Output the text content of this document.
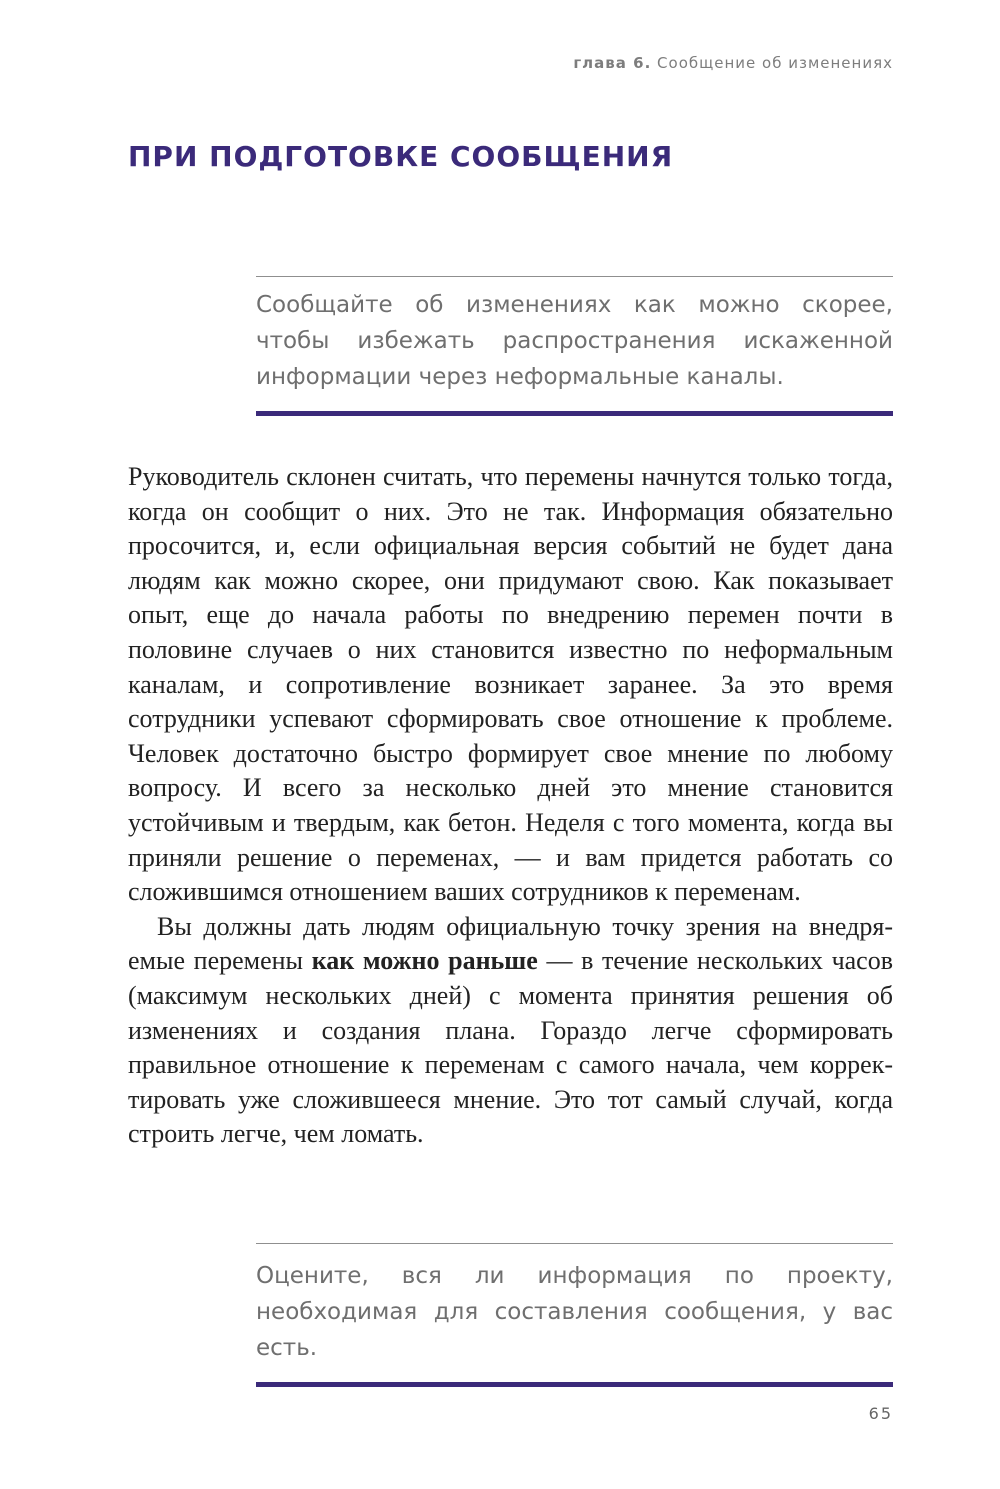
глава 6. Сообщение об изменениях
ПРИ ПОДГОТОВКЕ СООБЩЕНИЯ

Сообщайте об изменениях как можно скорее, чтобы избежать распространения искаженной информации через неформальные каналы.

Руководитель склонен считать, что перемены начнутся только тогда, когда он сообщит о них. Это не так. Информация обязательно просочится, и, если официальная версия событий не будет дана людям как можно скорее, они придумают свою. Как показывает опыт, еще до начала работы по внедрению перемен почти в половине случаев о них становится известно по неформальным каналам, и сопротивление возникает заранее. За это время сотрудники успевают сформировать свое отношение к проблеме. Человек достаточно быстро формирует свое мнение по любому вопросу. И всего за несколько дней это мнение становится устойчивым и твердым, как бетон. Неделя с того момента, когда вы приняли решение о переменах, — и вам придется работать со сложившимся отношением ваших сотрудников к переменам.

Вы должны дать людям официальную точку зрения на внедряемые перемены как можно раньше — в течение нескольких часов (максимум нескольких дней) с момента принятия решения об изменениях и создания плана. Гораздо легче сформировать правильное отношение к переменам с самого начала, чем корректировать уже сложившееся мнение. Это тот самый случай, когда строить легче, чем ломать.

Оцените, вся ли информация по проекту, необходимая для составления сообщения, у вас есть.

65
